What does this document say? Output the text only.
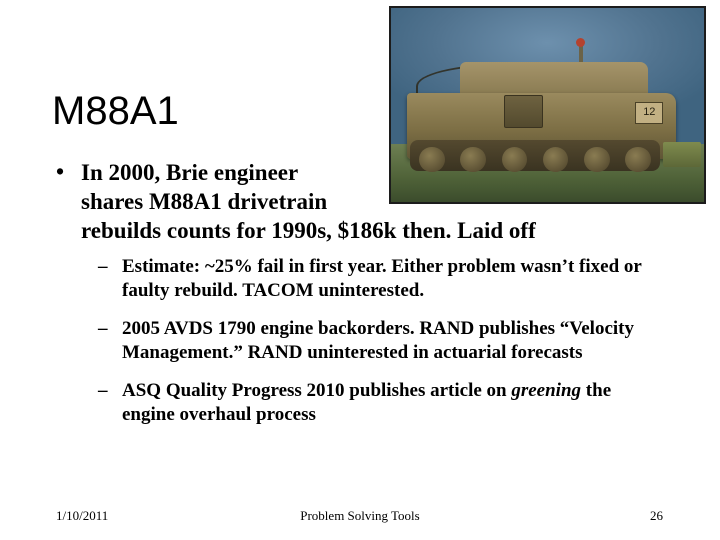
12
M88A1
• In 2000, Brie engineer
shares M88A1 drivetrain
rebuilds counts for 1990s, $186k then. Laid off
– Estimate: ~25% fail in first year. Either problem wasn’t fixed or faulty rebuild. TACOM uninterested.
– 2005 AVDS 1790 engine backorders. RAND publishes “Velocity Management.” RAND uninterested in actuarial forecasts
– ASQ Quality Progress 2010 publishes article on greening the engine overhaul process
1/10/2011	Problem Solving Tools	26
